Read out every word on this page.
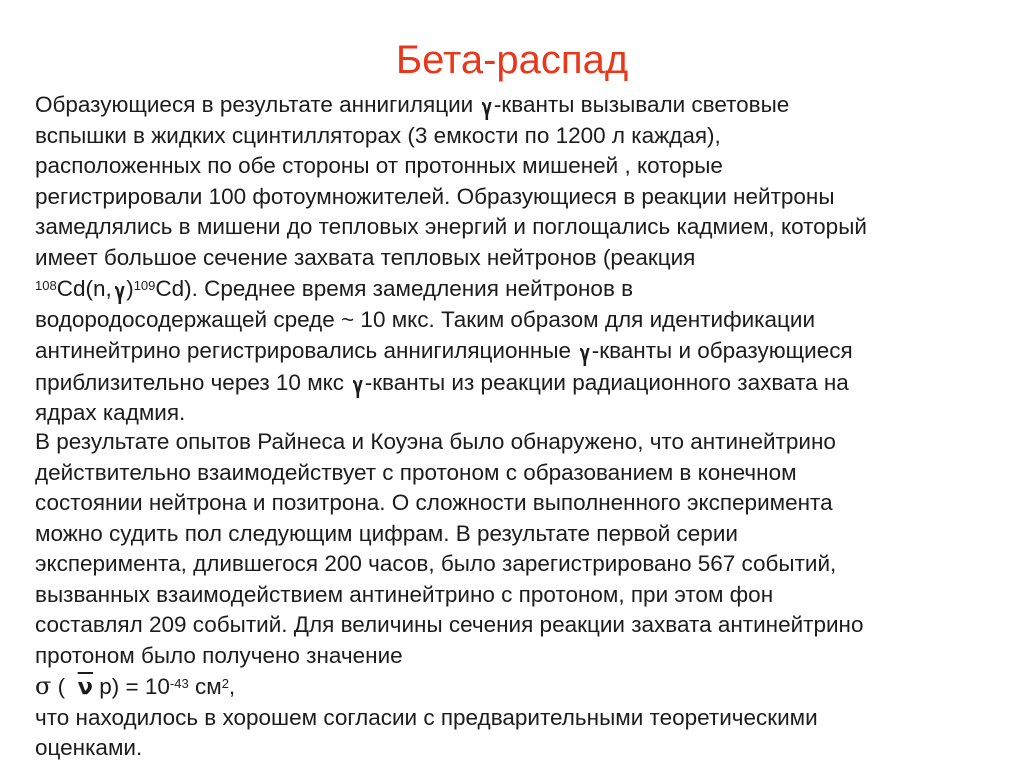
Бета-распад
Образующиеся в результате аннигиляции γ -кванты вызывали световые
вспышки в жидких сцинтилляторах (3 емкости по 1200 л каждая),
расположенных по обе стороны от протонных мишеней , которые
регистрировали 100 фотоумножителей. Образующиеся в реакции нейтроны
замедлялись в мишени до тепловых энергий и поглощались кадмием, который
имеет большое сечение захвата тепловых нейтронов (реакция
$^{108}$Cd(n, γ )$^{109}$Cd). Среднее время замедления нейтронов в
водородосодержащей среде ~ 10 мкс. Таким образом для идентификации
антинейтрино регистрировались аннигиляционные γ -кванты и образующиеся
приблизительно через 10 мкс γ -кванты из реакции радиационного захвата на
ядрах кадмия.
В результате опытов Райнеса и Коуэна было обнаружено, что антинейтрино
действительно взаимодействует с протоном с образованием в конечном
состоянии нейтрона и позитрона. О сложности выполненного эксперимента
можно судить пол следующим цифрам. В результате первой серии
эксперимента, длившегося 200 часов, было зарегистрировано 567 событий,
вызванных взаимодействием антинейтрино с протоном, при этом фон
составлял 209 событий. Для величины сечения реакции захвата антинейтрино
протоном было получено значение
σ (  $\overline{\nu}$ $p) = 10^{-43}$ $см^2$,
что находилось в хорошем согласии с предварительными теоретическими
оценками.
